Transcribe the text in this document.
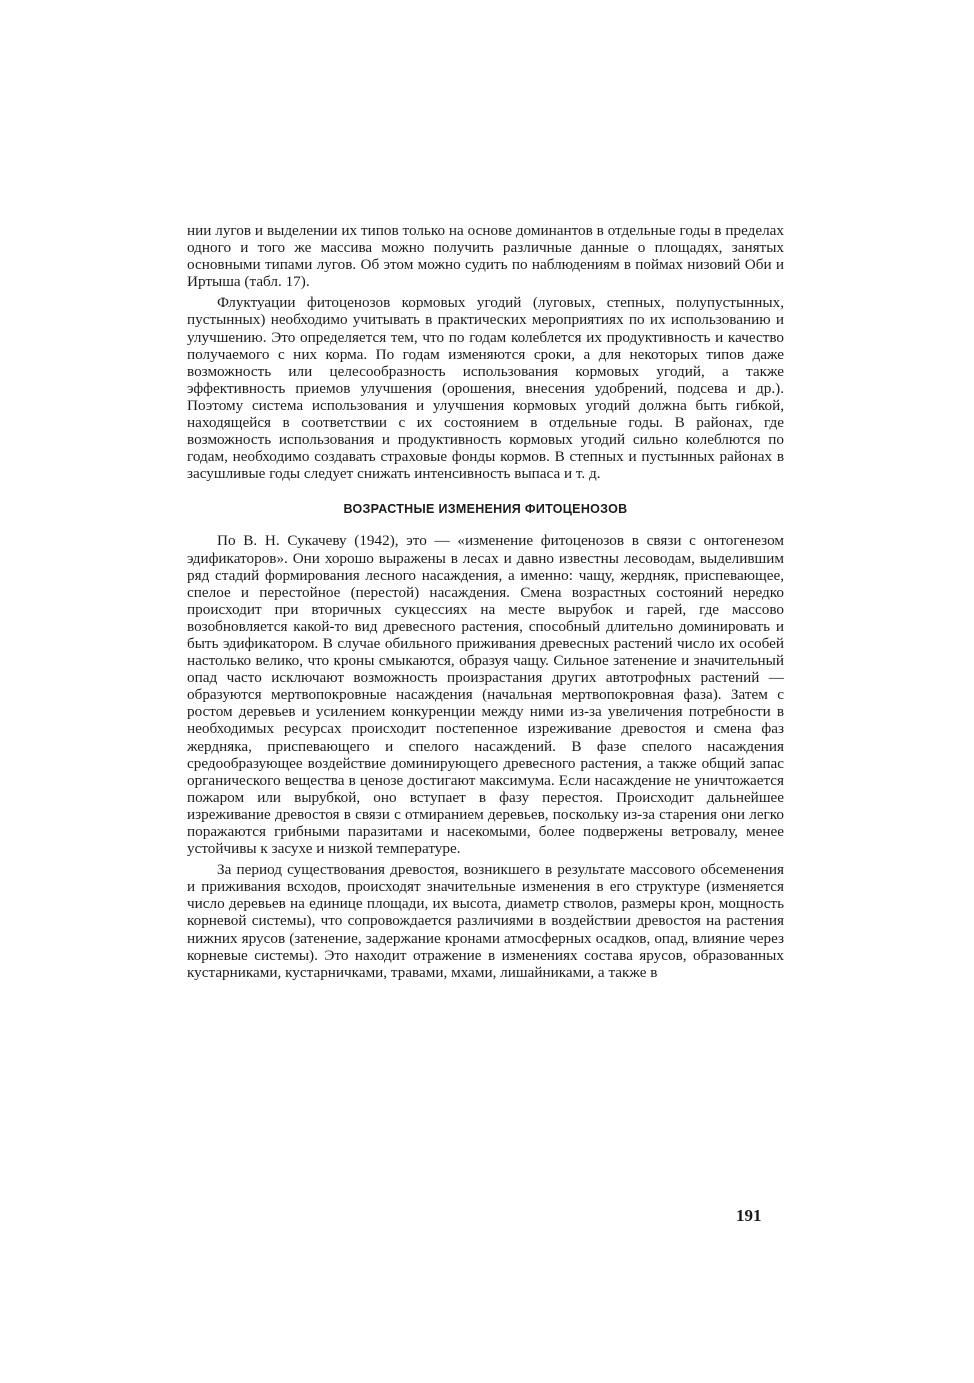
нии лугов и выделении их типов только на основе доминантов в отдельные годы в пределах одного и того же массива можно получить различные данные о площадях, занятых основными типами лугов. Об этом можно судить по наблюдениям в поймах низовий Оби и Иртыша (табл. 17).

Флуктуации фитоценозов кормовых угодий (луговых, степных, полупустынных, пустынных) необходимо учитывать в практических мероприятиях по их использованию и улучшению. Это определяется тем, что по годам колеблется их продуктивность и качество получаемого с них корма. По годам изменяются сроки, а для некоторых типов даже возможность или целесообразность использования кормовых угодий, а также эффективность приемов улучшения (орошения, внесения удобрений, подсева и др.). Поэтому система использования и улучшения кормовых угодий должна быть гибкой, находящейся в соответствии с их состоянием в отдельные годы. В районах, где возможность использования и продуктивность кормовых угодий сильно колеблются по годам, необходимо создавать страховые фонды кормов. В степных и пустынных районах в засушливые годы следует снижать интенсивность выпаса и т. д.

ВОЗРАСТНЫЕ ИЗМЕНЕНИЯ ФИТОЦЕНОЗОВ

По В. Н. Сукачеву (1942), это — «изменение фитоценозов в связи с онтогенезом эдификаторов». Они хорошо выражены в лесах и давно известны лесоводам, выделившим ряд стадий формирования лесного насаждения, а именно: чащу, жердняк, приспевающее, спелое и перестойное (перестой) насаждения. Смена возрастных состояний нередко происходит при вторичных сукцессиях на месте вырубок и гарей, где массово возобновляется какой-то вид древесного растения, способный длительно доминировать и быть эдификатором. В случае обильного приживания древесных растений число их особей настолько велико, что кроны смыкаются, образуя чащу. Сильное затенение и значительный опад часто исключают возможность произрастания других автотрофных растений — образуются мертвопокровные насаждения (начальная мертвопокровная фаза). Затем с ростом деревьев и усилением конкуренции между ними из-за увеличения потребности в необходимых ресурсах происходит постепенное изреживание древостоя и смена фаз жердняка, приспевающего и спелого насаждений. В фазе спелого насаждения средообразующее воздействие доминирующего древесного растения, а также общий запас органического вещества в ценозе достигают максимума. Если насаждение не уничтожается пожаром или вырубкой, оно вступает в фазу перестоя. Происходит дальнейшее изреживание древостоя в связи с отмиранием деревьев, поскольку из-за старения они легко поражаются грибными паразитами и насекомыми, более подвержены ветровалу, менее устойчивы к засухе и низкой температуре.

За период существования древостоя, возникшего в результате массового обсеменения и приживания всходов, происходят значительные изменения в его структуре (изменяется число деревьев на единице площади, их высота, диаметр стволов, размеры крон, мощность корневой системы), что сопровождается различиями в воздействии древостоя на растения нижних ярусов (затенение, задержание кронами атмосферных осадков, опад, влияние через корневые системы). Это находит отражение в изменениях состава ярусов, образованных кустарниками, кустарничками, травами, мхами, лишайниками, а также в

191
